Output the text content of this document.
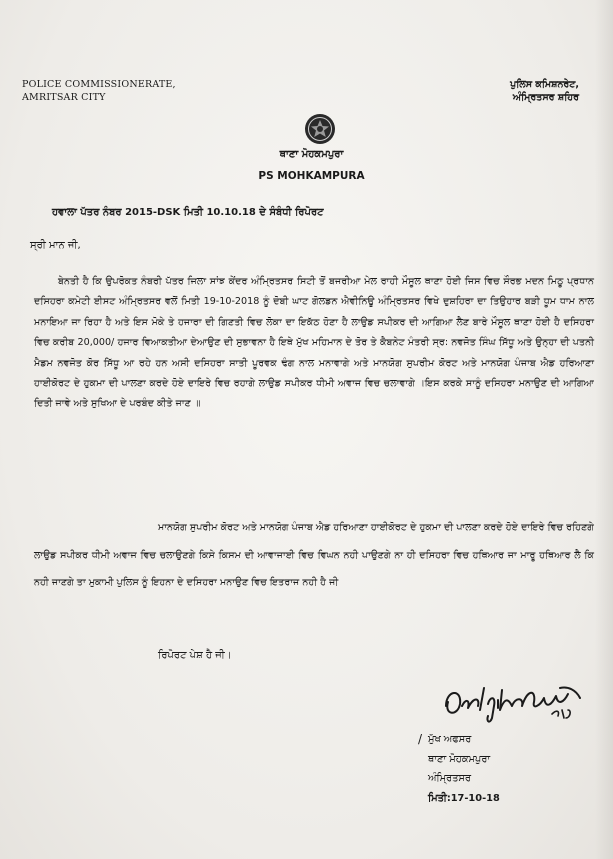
POLICE COMMISSIONERATE,
AMRITSAR CITY
ਪੁਲਿਸ ਕਮਿਸ਼ਨਰੇਟ,
ਅੰਮ੍ਰਿਤਸਰ ਸ਼ਹਿਰ
ਥਾਣਾ ਮੋਹਕਮਪੁਰਾ
PS MOHKAMPURA
ਹਵਾਲਾ ਪੱਤਰ ਨੰਬਰ 2015-DSK ਮਿਤੀ 10.10.18 ਦੇ ਸੰਬੰਧੀ ਰਿਪੋਰਟ
ਸ੍ਰੀ ਮਾਨ ਜੀ,
ਬੇਨਤੀ ਹੈ ਕਿ ਉਪਰੋਕਤ ਨੰਬਰੀ ਪੱਤਰ ਜਿਲਾ ਸਾਂਝ ਕੇਂਦਰ ਅੰਮ੍ਰਿਤਸਰ ਸਿਟੀ ਤੋਂ ਬਜਰੀਆ ਮੇਲ ਰਾਹੀ ਮੌਸੂਲ ਥਾਣਾ ਹੋਈ ਜਿਸ ਵਿਚ ਸੌਰਭ ਮਦਨ ਮਿਠੂ ਪ੍ਰਧਾਨ ਦਸਿਹਰਾ ਕਮੇਟੀ ਈਸਟ ਅੰਮ੍ਰਿਤਸਰ ਵਲੋਂ ਮਿਤੀ 19-10-2018 ਨੂੰ ਦੋਬੀ ਘਾਟ ਗੋਲਡਨ ਐਵੀਨਿਊ ਅੰਮ੍ਰਿਤਸਰ ਵਿਖੇ ਦੁਸ਼ਹਿਰਾ ਦਾ ਤਿਉਹਾਰ ਬੜੀ ਧੂਮ ਧਾਮ ਨਾਲ ਮਨਾਇਆ ਜਾ ਰਿਹਾ ਹੈ ਅਤੇ ਇਸ ਮੋਕੇ ਤੇ ਹਜਾਰਾ ਦੀ ਗਿਣਤੀ ਵਿਚ ਲੋਕਾ ਦਾ ਇਕੱਠ ਹੋਣਾ ਹੈ ਲਾਉਡ ਸਪੀਕਰ ਦੀ ਆਗਿਆ ਲੈਣ ਬਾਰੇ ਮੌਸੂਲ ਥਾਣਾ ਹੋਈ ਹੈ ਦਸਿਹਰਾ ਵਿਚ ਕਰੀਬ 20,000/ ਹਜਾਰ ਵਿਆਕਤੀਆ ਦੇਆਉਣ ਦੀ ਸੁਭਾਵਨਾ ਹੈ ਇਥੇ ਮੁੱਖ ਮਹਿਮਾਨ ਦੇ ਤੋਰ ਤੇ ਕੈਬਨੇਟ ਮੰਤਰੀ ਸ੍ਰ: ਨਵਜੋਤ ਸਿੰਘ ਸਿੱਧੂ ਅਤੇ ਉਨ੍ਹਾ ਦੀ ਪਤਨੀ ਮੈਡਮ ਨਵਜੋਤ ਕੋਰ ਸਿੱਧੂ ਆ ਰਹੇ ਹਨ ਅਸੀ ਦਸਿਹਰਾ ਸਾਤੀ ਪੂਰਵਕ ਢੰਗ ਨਾਲ ਮਨਾਵਾਗੇ ਅਤੇ ਮਾਨਯੋਗ ਸੁਪਰੀਮ ਕੋਰਟ ਅਤੇ ਮਾਨਯੋਗ ਪੰਜਾਬ ਐਡ ਹਰਿਆਣਾ ਹਾਈਕੋਰਟ ਦੇ ਹੁਕਮਾ ਦੀ ਪਾਲਣਾ ਕਰਦੇ ਹੋਏ ਦਾਇਰੇ ਵਿਚ ਰਹਾਗੇ ਲਾਉਡ ਸਪੀਕਰ ਧੀਮੀ ਅਵਾਜ ਵਿਚ ਚਲਾਵਾਗੇ ।ਇਸ ਕਰਕੇ ਸਾਨੂੰ ਦਸਿਹਰਾ ਮਨਾਉਣ ਦੀ ਆਗਿਆ ਦਿਤੀ ਜਾਵੇ ਅਤੇ ਸੁਖਿਆ ਦੇ ਪਰਬੰਦ ਕੀਤੇ ਜਾਣ ॥
ਮਾਨਯੋਗ ਸੁਪਰੀਮ ਕੋਰਟ ਅਤੇ ਮਾਨਯੋਗ ਪੰਜਾਬ ਐਡ ਹਰਿਆਣਾ ਹਾਈਕੋਰਟ ਦੇ ਹੁਕਮਾ ਦੀ ਪਾਲਣਾ ਕਰਦੇ ਹੋਏ ਦਾਇਰੇ ਵਿਚ ਰਹਿਣਗੇ ਲਾਉਡ ਸਪੀਕਰ ਧੀਮੀ ਅਵਾਜ ਵਿਚ ਚਲਾਉਣਗੇ ਕਿਸੇ ਕਿਸਮ ਦੀ ਆਵਾਜਾਈ ਵਿਚ ਵਿਘਨ ਨਹੀ ਪਾਉਣਗੇ ਨਾ ਹੀ ਦਸਿਹਰਾ ਵਿਚ ਹਥਿਆਰ ਜਾ ਮਾਰੂ ਹਥਿਆਰ ਲੈ ਕਿ ਨਹੀ ਜਾਣਗੇ ਤਾ ਮੁਕਾਮੀ ਪੁਲਿਸ ਨੂੰ ਇਹਨਾ ਦੇ ਦਸਿਹਰਾ ਮਨਾਉਣ ਵਿਚ ਇਤਰਾਜ ਨਹੀ ਹੈ ਜੀ
ਰਿਪੋਰਟ ਪੇਸ਼ ਹੈ ਜੀ।
/ ਮੁੱਖ ਅਫਸਰ
ਥਾਣਾ ਮੋਹਕਮਪੁਰਾ
ਅੰਮ੍ਰਿਤਸਰ
ਮਿਤੀ:17-10-18
